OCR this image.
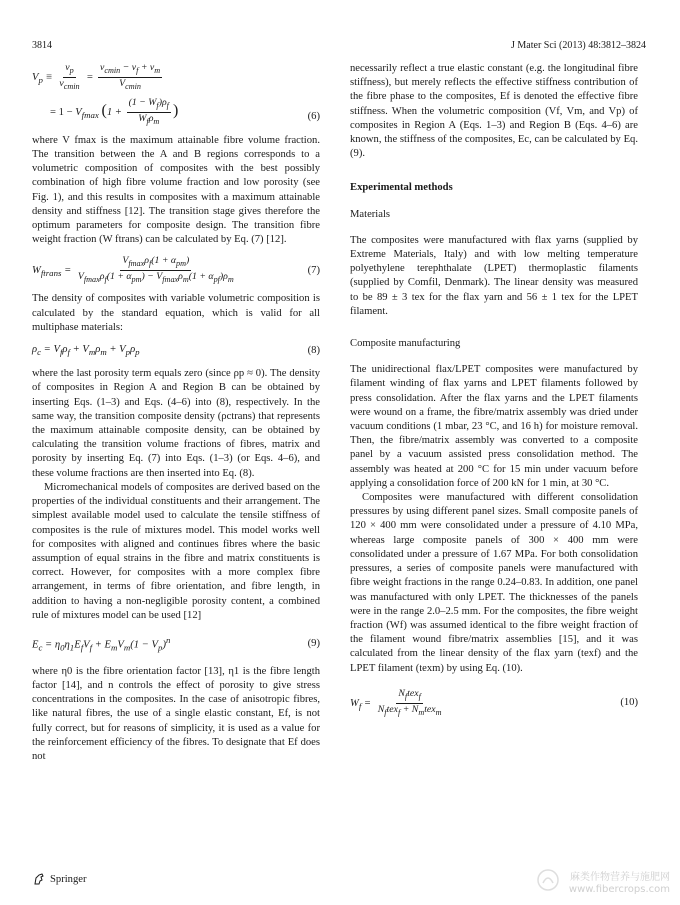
3814	J Mater Sci (2013) 48:3812–3824
$V_p \equiv \frac{v_p}{v_{cmin}} = \frac{v_{cmin} - v_f + v_m}{V_{cmin}}$
= $1 - V_{fmax}$ ($1 + \frac{(1 - W_f)\rho_f}{W_f\rho_m}$ )	(6)

where V fmax is the maximum attainable fibre volume fraction. The transition between the A and B regions corresponds to a volumetric composition of composites with the best possibly combination of high fibre volume fraction and low porosity (see Fig. 1), and this results in composites with a maximum attainable density and stiffness [12]. The transition stage gives therefore the optimum parameters for composite design. The transition fibre weight fraction (W ftrans) can be calculated by Eq. (7) [12].

$W_{ftrans} = \frac{V_{fmax}\rho_f(1 + \alpha_{pm})}{V_{fmax}\rho_f(1 + \alpha_{pm}) - V_{fmax}\rho_m(1 + \alpha_{pf})\rho_m}$	(7)

The density of composites with variable volumetric composition is calculated by the standard equation, which is valid for all multiphase materials:

$\rho_c = V_f\rho_f + V_m\rho_m + V_p\rho_p$	(8)

where the last porosity term equals zero (since ρp ≈ 0). The density of composites in Region A and Region B can be obtained by inserting Eqs. (1–3) and Eqs. (4–6) into (8), respectively. In the same way, the transition composite density (ρctrans) that represents the maximum attainable composite density, can be obtained by calculating the transition volume fractions of fibres, matrix and porosity by inserting Eq. (7) into Eqs. (1–3) (or Eqs. 4–6), and these volume fractions are then inserted into Eq. (8).

Micromechanical models of composites are derived based on the properties of the individual constituents and their arrangement. The simplest available model used to calculate the tensile stiffness of composites is the rule of mixtures model. This model works well for composites with aligned and continues fibres where the basic assumption of equal strains in the fibre and matrix constituents is correct. However, for composites with a more complex fibre arrangement, in terms of fibre orientation, and fibre length, in addition to having a non-negligible porosity content, a combined rule of mixtures model can be used [12]

$E_c = \eta_0\eta_1E_fV_f + E_mV_m(1 - V_p)^n$	(9)

where η0 is the fibre orientation factor [13], η1 is the fibre length factor [14], and n controls the effect of porosity to give stress concentrations in the composites. In the case of anisotropic fibres, like natural fibres, the use of a single elastic constant, Ef, is not fully correct, but for reasons of simplicity, it is used as a value for the reinforcement efficiency of the fibres. To designate that Ef does not

necessarily reflect a true elastic constant (e.g. the longitudinal fibre stiffness), but merely reflects the effective stiffness contribution of the fibre phase to the composites, Ef is denoted the effective fibre stiffness. When the volumetric composition (Vf, Vm, and Vp) of composites in Region A (Eqs. 1–3) and Region B (Eqs. 4–6) are known, the stiffness of the composites, Ec, can be calculated by Eq. (9).

Experimental methods
Materials

The composites were manufactured with flax yarns (supplied by Extreme Materials, Italy) and with low melting temperature polyethylene terephthalate (LPET) thermoplastic filaments (supplied by Comfil, Denmark). The linear density was measured to be 89 ± 3 tex for the flax yarn and 56 ± 1 tex for the LPET filament.

Composite manufacturing

The unidirectional flax/LPET composites were manufactured by filament winding of flax yarns and LPET filaments followed by press consolidation. After the flax yarns and the LPET filaments were wound on a frame, the fibre/matrix assembly was dried under vacuum conditions (1 mbar, 23 °C, and 16 h) for moisture removal. Then, the fibre/matrix assembly was converted to a composite panel by a vacuum assisted press consolidation method. The assembly was heated at 200 °C for 15 min under vacuum before applying a consolidation force of 200 kN for 1 min, at 30 °C.

Composites were manufactured with different consolidation pressures by using different panel sizes. Small composite panels of 120 × 400 mm were consolidated under a pressure of 4.10 MPa, whereas large composite panels of 300 × 400 mm were consolidated under a pressure of 1.67 MPa. For both consolidation pressures, a series of composite panels were manufactured with fibre weight fractions in the range 0.24–0.83. In addition, one panel was manufactured with only LPET. The thicknesses of the panels were in the range 2.0–2.5 mm. For the composites, the fibre weight fraction (Wf) was assumed identical to the fibre weight fraction of the filament wound fibre/matrix assemblies [15], and it was calculated from the linear density of the flax yarn (texf) and the LPET filament (texm) by using Eq. (10).

$W_f = \frac{N_ftex_f}{N_ftex_f + N_mtex_m}$	(10)
Springer	麻类作物营养与施肥网
www.fibercrops.com
